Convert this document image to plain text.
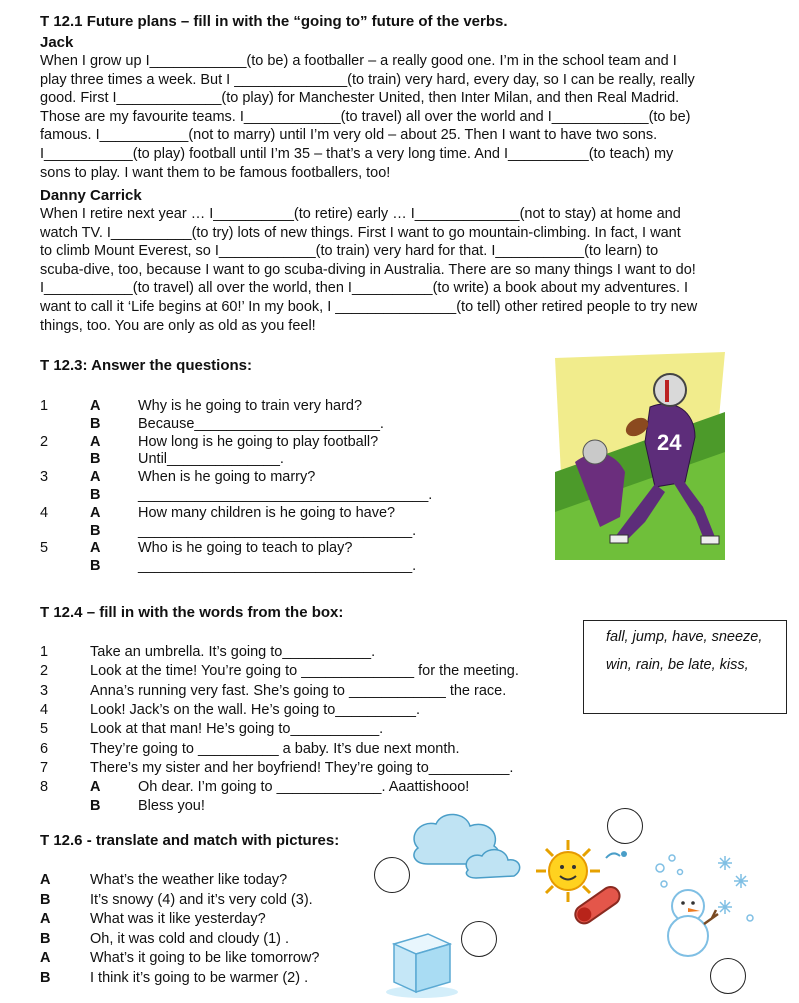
T 12.1 Future plans – fill in with the “going to” future of the verbs.
Jack
When I grow up I____________(to be) a footballer – a really good one. I’m in the school team and I
play three times a week. But I ______________(to train) very hard, every day, so I can be really, really
good. First I_____________(to play) for Manchester United, then Inter Milan, and then Real Madrid.
Those are my favourite teams. I____________(to travel) all over the world and I____________(to be)
famous. I___________(not to marry) until I’m very old – about 25. Then I want to have two sons.
I___________(to play) football until I’m 35 – that’s a very long time. And I__________(to teach) my
sons to play. I want them to be famous footballers, too!
Danny Carrick
When I retire next year … I__________(to retire) early … I_____________(not to stay) at home and
watch TV. I__________(to try) lots of new things. First I want to go mountain-climbing. In fact, I want
to climb Mount Everest, so I____________(to train) very hard for that. I___________(to learn) to
scuba-dive, too, because I want to go scuba-diving in Australia. There are so many things I want to do!
I___________(to travel) all over the world, then I__________(to write) a book about my adventures. I
want to call it ‘Life begins at 60!’ In my book, I _______________(to tell) other retired people to try new
things, too. You are only as old as you feel!
T 12.3: Answer the questions:
1	A	Why is he going to train very hard?
B	Because_______________________.
2	A	How long is he going to play football?
B	Until______________.
3	A	When is he going to marry?
B	____________________________________.
4	A	How many children is he going to have?
B	__________________________________.
5	A	Who is he going to teach to play?
B	__________________________________.
24
T 12.4 – fill in with the words from the box:
fall, jump, have, sneeze,
win, rain, be late, kiss,
1	Take an umbrella. It’s going to___________.
2	Look at the time! You’re going to ______________ for the meeting.
3	Anna’s running very fast. She’s going to ____________ the race.
4	Look! Jack’s on the wall. He’s going to__________.
5	Look at that man! He’s going to___________.
6	They’re going to __________ a baby. It’s due next month.
7	There’s my sister and her boyfriend! They’re going to__________.
8	A	Oh dear. I’m going to _____________. Aaattishooo!
B	Bless you!
T 12.6 - translate and match with pictures:
A	What’s the weather like today?
B	It’s snowy (4) and it’s very cold (3).
A	What was it like yesterday?
B	Oh, it was cold and cloudy (1) .
A	What’s it going to be like tomorrow?
B	I think it’s going to be warmer (2) .
